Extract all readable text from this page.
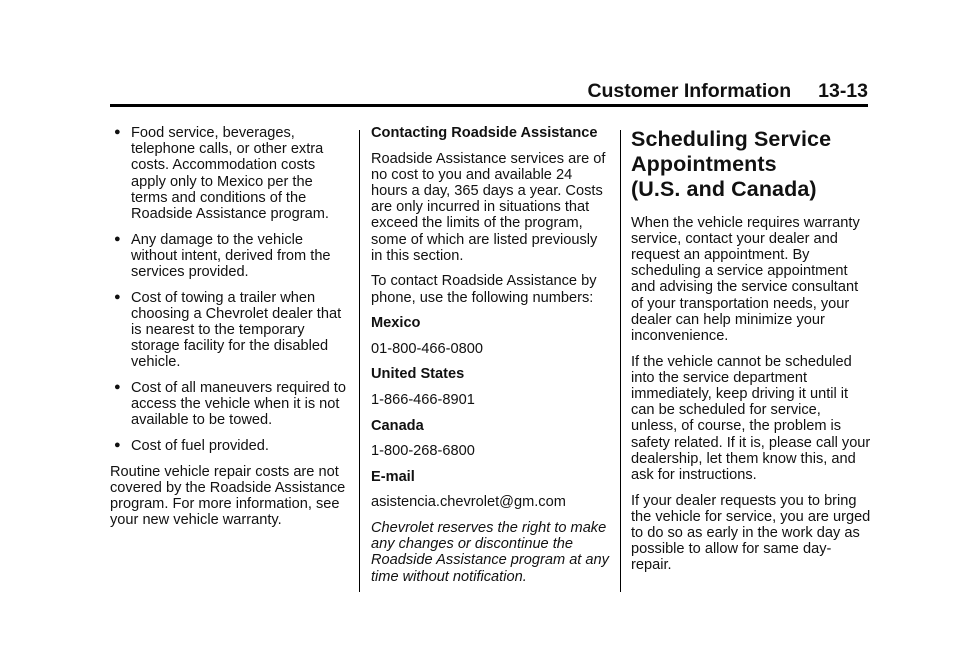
Customer Information 13-13
● Food service, beverages, telephone calls, or other extra costs. Accommodation costs apply only to Mexico per the terms and conditions of the Roadside Assistance program.
● Any damage to the vehicle without intent, derived from the services provided.
● Cost of towing a trailer when choosing a Chevrolet dealer that is nearest to the temporary storage facility for the disabled vehicle.
● Cost of all maneuvers required to access the vehicle when it is not available to be towed.
● Cost of fuel provided.

Routine vehicle repair costs are not covered by the Roadside Assistance program. For more information, see your new vehicle warranty.

Contacting Roadside Assistance

Roadside Assistance services are of no cost to you and available 24 hours a day, 365 days a year. Costs are only incurred in situations that exceed the limits of the program, some of which are listed previously in this section.

To contact Roadside Assistance by phone, use the following numbers:

Mexico

01-800-466-0800

United States

1-866-466-8901

Canada

1-800-268-6800

E-mail

asistencia.chevrolet@gm.com

Chevrolet reserves the right to make any changes or discontinue the Roadside Assistance program at any time without notification.

Scheduling Service
Appointments
(U.S. and Canada)

When the vehicle requires warranty service, contact your dealer and request an appointment. By scheduling a service appointment and advising the service consultant of your transportation needs, your dealer can help minimize your inconvenience.

If the vehicle cannot be scheduled into the service department immediately, keep driving it until it can be scheduled for service, unless, of course, the problem is safety related. If it is, please call your dealership, let them know this, and ask for instructions.

If your dealer requests you to bring the vehicle for service, you are urged to do so as early in the work day as possible to allow for same day-repair.
